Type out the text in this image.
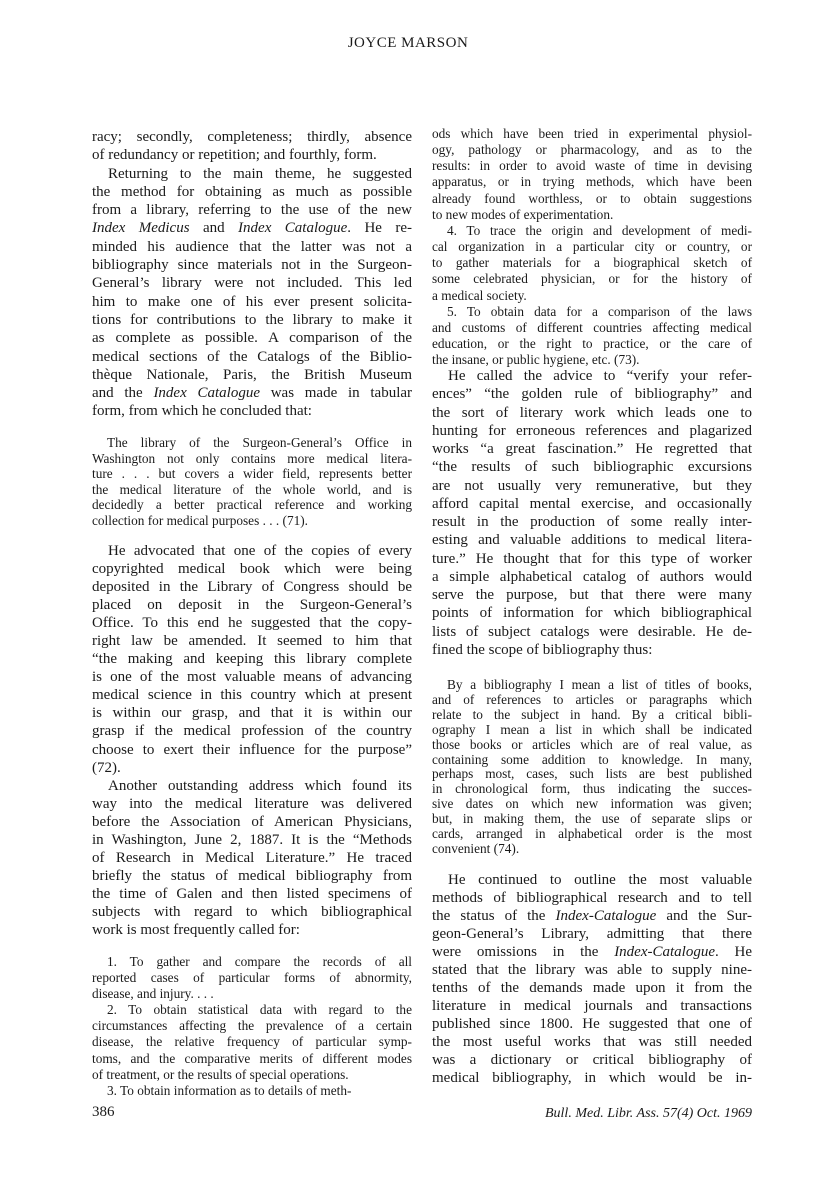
JOYCE MARSON
racy; secondly, completeness; thirdly, absence
of redundancy or repetition; and fourthly, form.
Returning to the main theme, he suggested
the method for obtaining as much as possible
from a library, referring to the use of the new
Index Medicus and Index Catalogue. He re-
minded his audience that the latter was not a
bibliography since materials not in the Surgeon-
General’s library were not included. This led
him to make one of his ever present solicita-
tions for contributions to the library to make it
as complete as possible. A comparison of the
medical sections of the Catalogs of the Biblio-
thèque Nationale, Paris, the British Museum
and the Index Catalogue was made in tabular
form, from which he concluded that:
The library of the Surgeon-General’s Office in
Washington not only contains more medical litera-
ture . . . but covers a wider field, represents better
the medical literature of the whole world, and is
decidedly a better practical reference and working
collection for medical purposes . . . (71).
He advocated that one of the copies of every
copyrighted medical book which were being
deposited in the Library of Congress should be
placed on deposit in the Surgeon-General’s
Office. To this end he suggested that the copy-
right law be amended. It seemed to him that
“the making and keeping this library complete
is one of the most valuable means of advancing
medical science in this country which at present
is within our grasp, and that it is within our
grasp if the medical profession of the country
choose to exert their influence for the purpose”
(72).
Another outstanding address which found its
way into the medical literature was delivered
before the Association of American Physicians,
in Washington, June 2, 1887. It is the “Methods
of Research in Medical Literature.” He traced
briefly the status of medical bibliography from
the time of Galen and then listed specimens of
subjects with regard to which bibliographical
work is most frequently called for:
1. To gather and compare the records of all
reported cases of particular forms of abnormity,
disease, and injury. . . .
2. To obtain statistical data with regard to the
circumstances affecting the prevalence of a certain
disease, the relative frequency of particular symp-
toms, and the comparative merits of different modes
of treatment, or the results of special operations.
3. To obtain information as to details of meth-
ods which have been tried in experimental physiol-
ogy, pathology or pharmacology, and as to the
results: in order to avoid waste of time in devising
apparatus, or in trying methods, which have been
already found worthless, or to obtain suggestions
to new modes of experimentation.
4. To trace the origin and development of medi-
cal organization in a particular city or country, or
to gather materials for a biographical sketch of
some celebrated physician, or for the history of
a medical society.
5. To obtain data for a comparison of the laws
and customs of different countries affecting medical
education, or the right to practice, or the care of
the insane, or public hygiene, etc. (73).
He called the advice to “verify your refer-
ences” “the golden rule of bibliography” and
the sort of literary work which leads one to
hunting for erroneous references and plagarized
works “a great fascination.” He regretted that
“the results of such bibliographic excursions
are not usually very remunerative, but they
afford capital mental exercise, and occasionally
result in the production of some really inter-
esting and valuable additions to medical litera-
ture.” He thought that for this type of worker
a simple alphabetical catalog of authors would
serve the purpose, but that there were many
points of information for which bibliographical
lists of subject catalogs were desirable. He de-
fined the scope of bibliography thus:
By a bibliography I mean a list of titles of books,
and of references to articles or paragraphs which
relate to the subject in hand. By a critical bibli-
ography I mean a list in which shall be indicated
those books or articles which are of real value, as
containing some addition to knowledge. In many,
perhaps most, cases, such lists are best published
in chronological form, thus indicating the succes-
sive dates on which new information was given;
but, in making them, the use of separate slips or
cards, arranged in alphabetical order is the most
convenient (74).
He continued to outline the most valuable
methods of bibliographical research and to tell
the status of the Index-Catalogue and the Sur-
geon-General’s Library, admitting that there
were omissions in the Index-Catalogue. He
stated that the library was able to supply nine-
tenths of the demands made upon it from the
literature in medical journals and transactions
published since 1800. He suggested that one of
the most useful works that was still needed
was a dictionary or critical bibliography of
medical bibliography, in which would be in-
386	Bull. Med. Libr. Ass. 57(4) Oct. 1969
